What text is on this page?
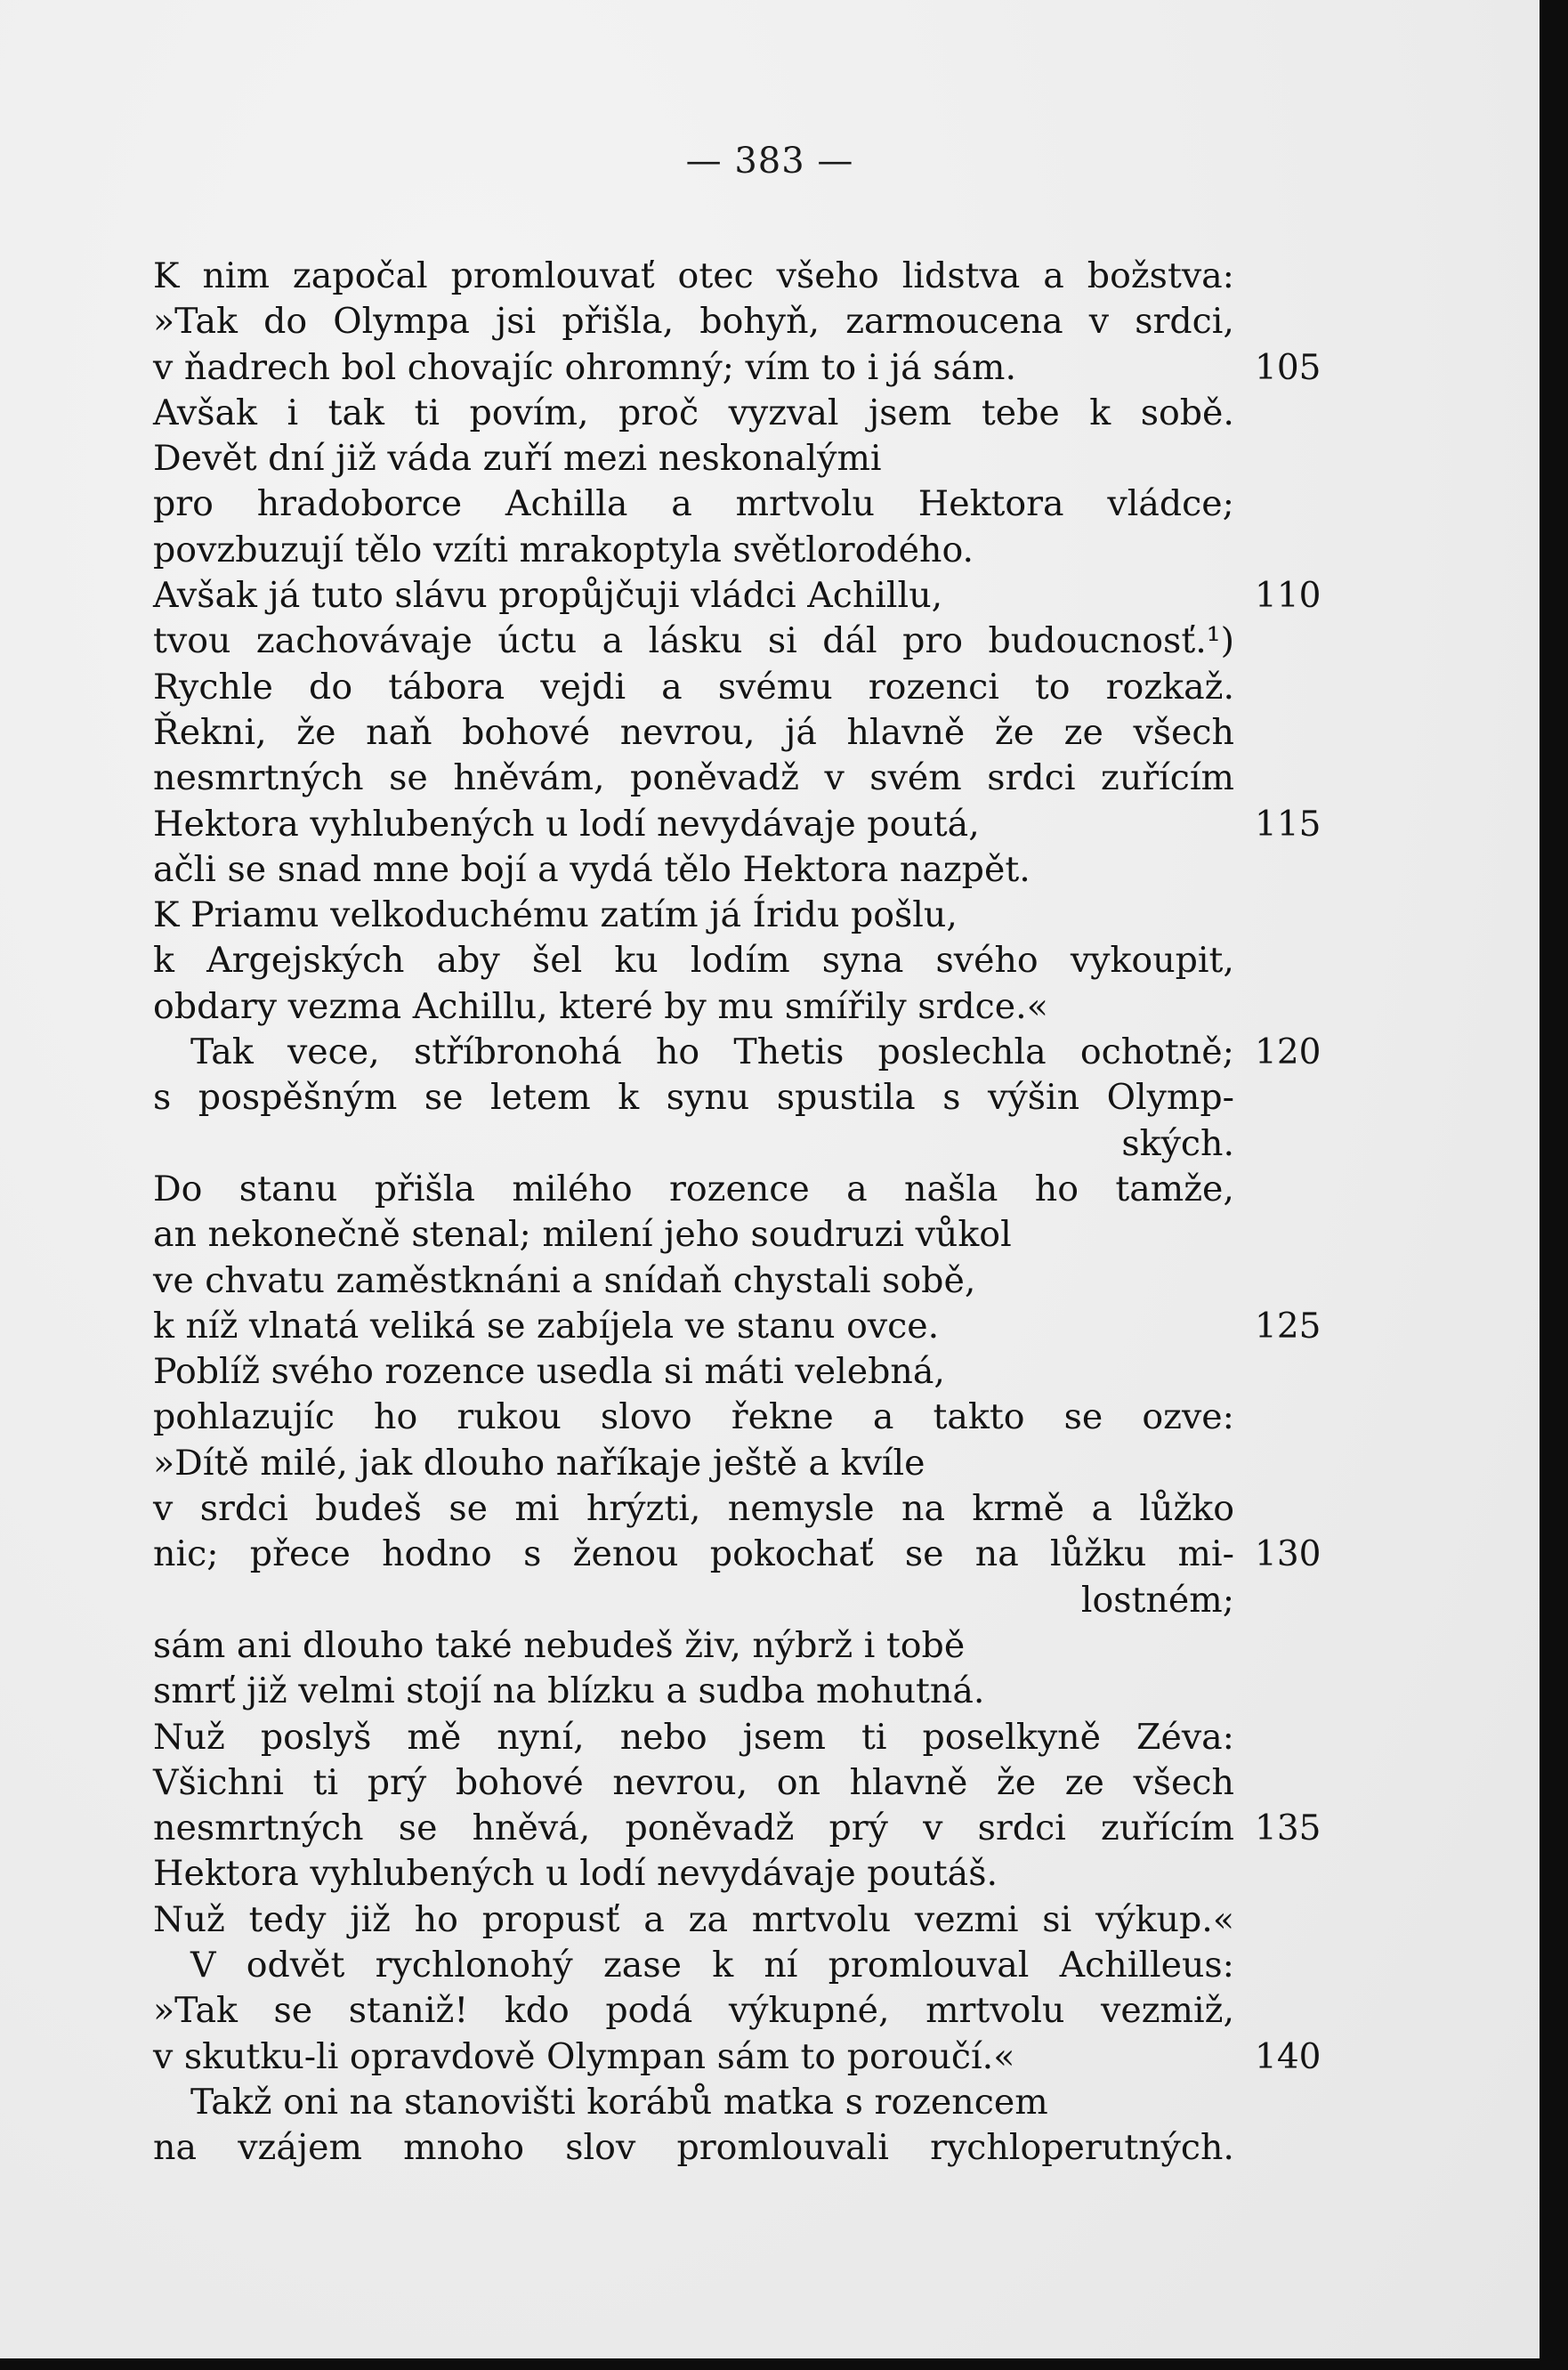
— 383 —
K nim započal promlouvať otec všeho lidstva a božstva:
»Tak do Olympa jsi přišla, bohyň, zarmoucena v srdci,
v ňadrech bol chovajíc ohromný; vím to i já sám.	105
Avšak i tak ti povím, proč vyzval jsem tebe k sobě.
Devět dní již váda zuří mezi neskonalými
pro hradoborce Achilla a mrtvolu Hektora vládce;
povzbuzují tělo vzíti mrakoptyla světlorodého.
Avšak já tuto slávu propůjčuji vládci Achillu,	110
tvou zachovávaje úctu a lásku si dál pro budoucnosť.¹)
Rychle do tábora vejdi a svému rozenci to rozkaž.
Řekni, že naň bohové nevrou, já hlavně že ze všech
nesmrtných se hněvám, poněvadž v svém srdci zuřícím
Hektora vyhlubených u lodí nevydávaje poutá,	115
ačli se snad mne bojí a vydá tělo Hektora nazpět.
K Priamu velkoduchému zatím já Íridu pošlu,
k Argejských aby šel ku lodím syna svého vykoupit,
obdary vezma Achillu, které by mu smířily srdce.«
Tak vece, stříbronohá ho Thetis poslechla ochotně; 120
s pospěšným se letem k synu spustila s výšin Olymp-
ských.
Do stanu přišla milého rozence a našla ho tamže,
an nekonečně stenal; milení jeho soudruzi vůkol
ve chvatu zaměstknáni a snídaň chystali sobě,
k níž vlnatá veliká se zabíjela ve stanu ovce.	125
Poblíž svého rozence usedla si máti velebná,
pohlazujíc ho rukou slovo řekne a takto se ozve:
»Dítě milé, jak dlouho naříkaje ještě a kvíle
v srdci budeš se mi hrýzti, nemysle na krmě a lůžko
nic; přece hodno s ženou pokochať se na lůžku mi- 130
lostném;
sám ani dlouho také nebudeš živ, nýbrž i tobě
smrť již velmi stojí na blízku a sudba mohutná.
Nuž poslyš mě nyní, nebo jsem ti poselkyně Zéva:
Všichni ti prý bohové nevrou, on hlavně že ze všech
nesmrtných se hněvá, poněvadž prý v srdci zuřícím 135
Hektora vyhlubených u lodí nevydávaje poutáš.
Nuž tedy již ho propusť a za mrtvolu vezmi si výkup.«
V odvět rychlonohý zase k ní promlouval Achilleus:
»Tak se staniž! kdo podá výkupné, mrtvolu vezmiž,
v skutku-li opravdově Olympan sám to poroučí.«	140
Takž oni na stanovišti korábů matka s rozencem
na vzájem mnoho slov promlouvali rychloperutných.
